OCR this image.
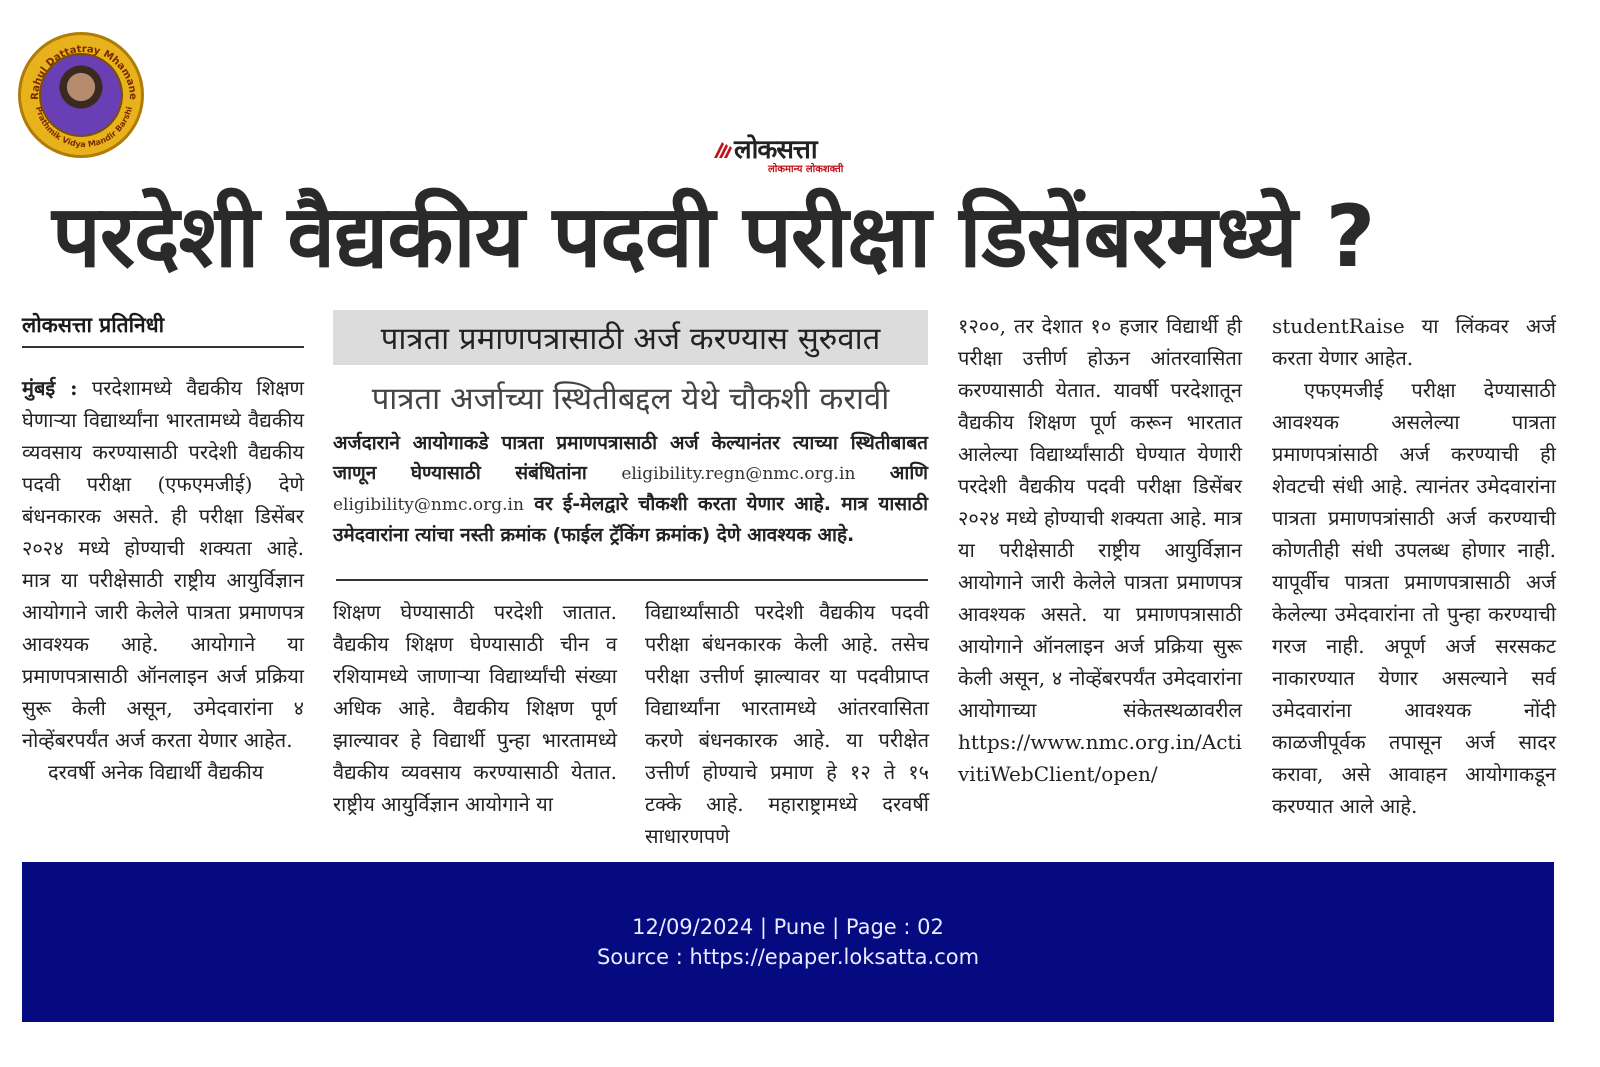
Rahul Dattatray Mhamane
Prathmik Vidya Mandir Barshi
लोकसत्ता
लोकमान्य लोकशक्ती
परदेशी वैद्यकीय पदवी परीक्षा डिसेंबरमध्ये ?
लोकसत्ता प्रतिनिधी

मुंबई : परदेशामध्ये वैद्यकीय शिक्षण घेणाऱ्या विद्यार्थ्यांना भारतामध्ये वैद्यकीय व्यवसाय करण्यासाठी परदेशी वैद्यकीय पदवी परीक्षा (एफएमजीई) देणे बंधनकारक असते. ही परीक्षा डिसेंबर २०२४ मध्ये होण्याची शक्यता आहे. मात्र या परीक्षेसाठी राष्ट्रीय आयुर्विज्ञान आयोगाने जारी केलेले पात्रता प्रमाणपत्र आवश्यक आहे. आयोगाने या प्रमाणपत्रासाठी ऑनलाइन अर्ज प्रक्रिया सुरू केली असून, उमेदवारांना ४ नोव्हेंबरपर्यंत अर्ज करता येणार आहेत.

दरवर्षी अनेक विद्यार्थी वैद्यकीय

पात्रता प्रमाणपत्रासाठी अर्ज करण्यास सुरुवात
पात्रता अर्जाच्या स्थितीबद्दल येथे चौकशी करावी
अर्जदाराने आयोगाकडे पात्रता प्रमाणपत्रासाठी अर्ज केल्यानंतर त्याच्या स्थितीबाबत जाणून घेण्यासाठी संबंधितांना eligibility.regn@nmc.org.in आणि eligibility@nmc.org.in वर ई-मेलद्वारे चौकशी करता येणार आहे. मात्र यासाठी उमेदवारांना त्यांचा नस्ती क्रमांक (फाईल ट्रॅकिंग क्रमांक) देणे आवश्यक आहे.

शिक्षण घेण्यासाठी परदेशी जातात. वैद्यकीय शिक्षण घेण्यासाठी चीन व रशियामध्ये जाणाऱ्या विद्यार्थ्यांची संख्या अधिक आहे. वैद्यकीय शिक्षण पूर्ण झाल्यावर हे विद्यार्थी पुन्हा भारतामध्ये वैद्यकीय व्यवसाय करण्यासाठी येतात. राष्ट्रीय आयुर्विज्ञान आयोगाने या

विद्यार्थ्यांसाठी परदेशी वैद्यकीय पदवी परीक्षा बंधनकारक केली आहे. तसेच परीक्षा उत्तीर्ण झाल्यावर या पदवीप्राप्त विद्यार्थ्यांना भारतामध्ये आंतरवासिता करणे बंधनकारक आहे. या परीक्षेत उत्तीर्ण होण्याचे प्रमाण हे १२ ते १५ टक्के आहे. महाराष्ट्रामध्ये दरवर्षी साधारणपणे

१२००, तर देशात १० हजार विद्यार्थी ही परीक्षा उत्तीर्ण होऊन आंतरवासिता करण्यासाठी येतात. यावर्षी परदेशातून वैद्यकीय शिक्षण पूर्ण करून भारतात आलेल्या विद्यार्थ्यांसाठी घेण्यात येणारी परदेशी वैद्यकीय पदवी परीक्षा डिसेंबर २०२४ मध्ये होण्याची शक्यता आहे. मात्र या परीक्षेसाठी राष्ट्रीय आयुर्विज्ञान आयोगाने जारी केलेले पात्रता प्रमाणपत्र आवश्यक असते. या प्रमाणपत्रासाठी आयोगाने ऑनलाइन अर्ज प्रक्रिया सुरू केली असून, ४ नोव्हेंबरपर्यंत उमेदवारांना आयोगाच्या संकेतस्थळावरील https://www.nmc.org.in/ActivitiWebClient/open/

studentRaise या लिंकवर अर्ज करता येणार आहेत.

एफएमजीई परीक्षा देण्यासाठी आवश्यक असलेल्या पात्रता प्रमाणपत्रांसाठी अर्ज करण्याची ही शेवटची संधी आहे. त्यानंतर उमेदवारांना पात्रता प्रमाणपत्रांसाठी अर्ज करण्याची कोणतीही संधी उपलब्ध होणार नाही. यापूर्वीच पात्रता प्रमाणपत्रासाठी अर्ज केलेल्या उमेदवारांना तो पुन्हा करण्याची गरज नाही. अपूर्ण अर्ज सरसकट नाकारण्यात येणार असल्याने सर्व उमेदवारांना आवश्यक नोंदी काळजीपूर्वक तपासून अर्ज सादर करावा, असे आवाहन आयोगाकडून करण्यात आले आहे.

12/09/2024 | Pune | Page : 02
Source : https://epaper.loksatta.com
